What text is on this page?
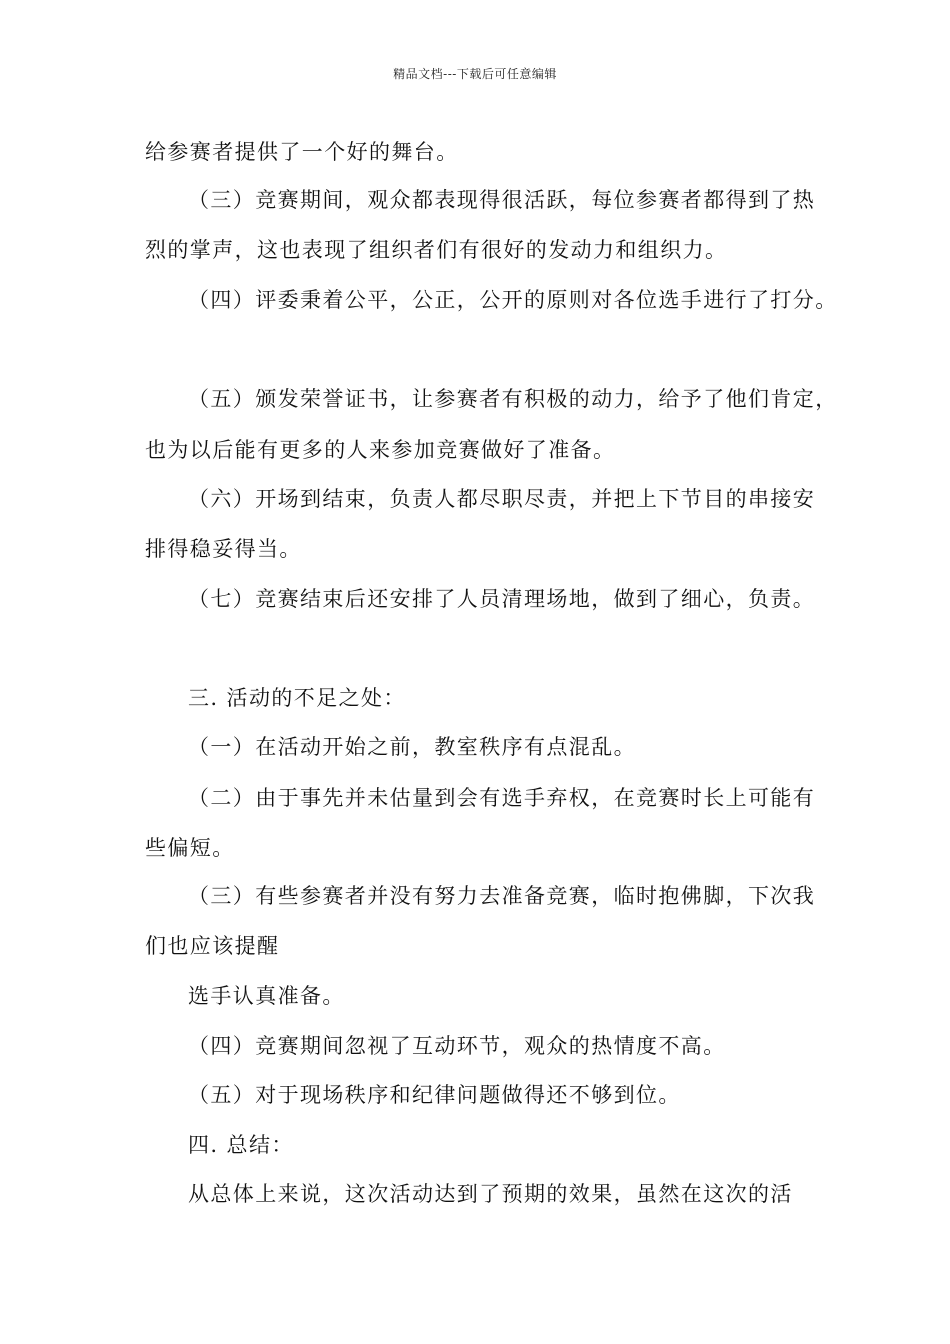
精品文档---下载后可任意编辑
给参赛者提供了一个好的舞台。
（三）竞赛期间，观众都表现得很活跃，每位参赛者都得到了热
烈的掌声，这也表现了组织者们有很好的发动力和组织力。
（四）评委秉着公平，公正，公开的原则对各位选手进行了打分。
（五）颁发荣誉证书，让参赛者有积极的动力，给予了他们肯定，
也为以后能有更多的人来参加竞赛做好了准备。
（六）开场到结束，负责人都尽职尽责，并把上下节目的串接安
排得稳妥得当。
（七）竞赛结束后还安排了人员清理场地，做到了细心，负责。
三. 活动的不足之处：
（一）在活动开始之前，教室秩序有点混乱。
（二）由于事先并未估量到会有选手弃权，在竞赛时长上可能有
些偏短。
（三）有些参赛者并没有努力去准备竞赛，临时抱佛脚，下次我
们也应该提醒
选手认真准备。
（四）竞赛期间忽视了互动环节，观众的热情度不高。
（五）对于现场秩序和纪律问题做得还不够到位。
四. 总结：
从总体上来说，这次活动达到了预期的效果，虽然在这次的活
